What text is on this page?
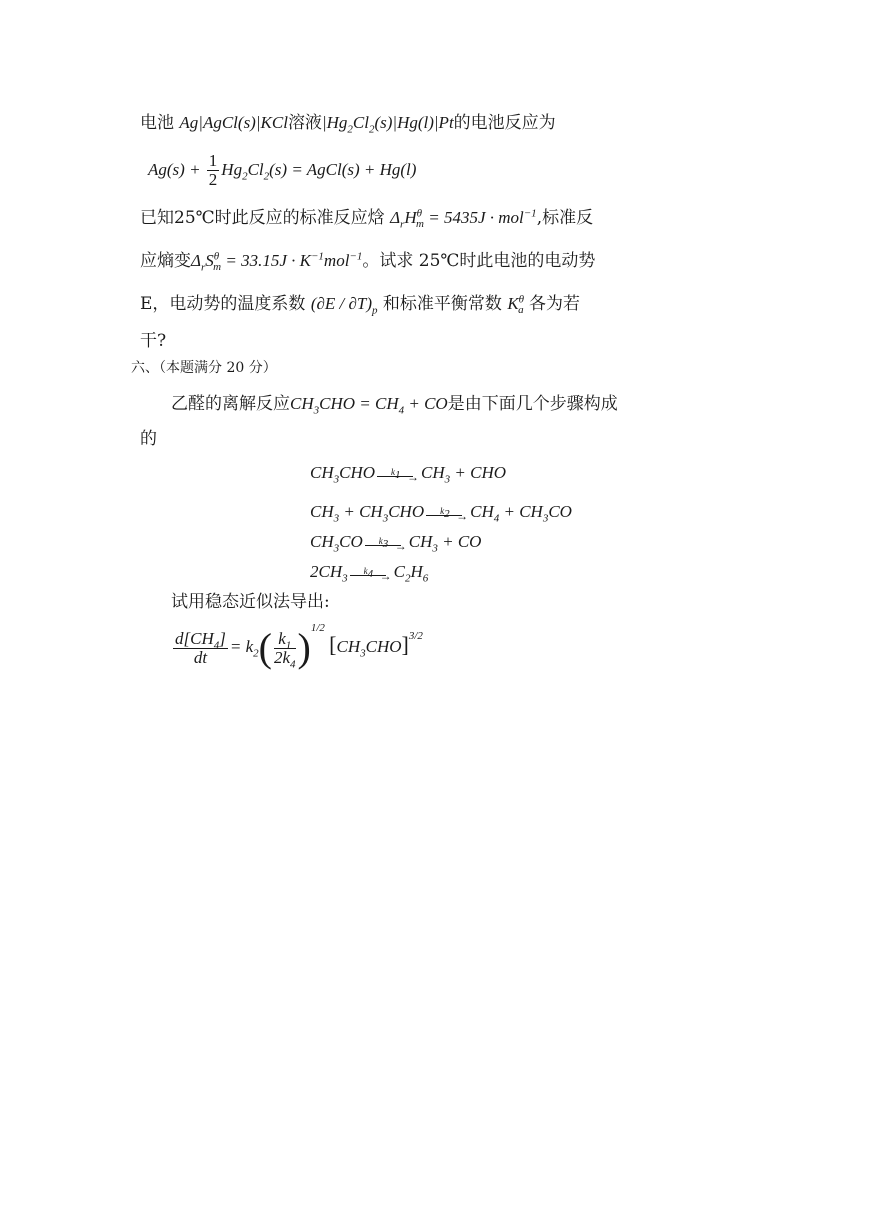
电池 Ag|AgCl(s)|KCl溶液$|Hg_2Cl_2(s)|Hg(l)|Pt$的电池反应为
$Ag(s) + \frac{1}{2} Hg_2Cl_2(s)$ = AgCl(s) + Hg(l)
已知25℃时此反应的标准反应焓 $\Delta_rH^\theta_m = 5435J \cdot mol^{-1}$,标准反
应熵变$\Delta_rS^\theta_m = 33.15J \cdot K^{-1}mol^{-1}$。试求 25℃时此电池的电动势
E，电动势的温度系数 $(\partial E / \partial T)_p$ 和标准平衡常数 $K^\theta_a$ 各为若
干?
六、（本题满分 20 分）
乙醛的离解反应$CH_3CHO = CH_4$ + CO是由下面几个步骤构成
的
$CH_3CHO$ $k_1 \to CH_3$ + CHO
$CH_3 + CH_3CHO$ $k_2 \to CH_4 + CH_3CO$
$CH_3CO$ $k_3 \to CH_3$ + CO
$2CH_3$
$k_4 \to C_2H_6$
试用稳态近似法导出:
$\frac{d[CH_4]}{dt} = k_2( \frac{k_1}{2k_4} )^{1/2}$ $[CH_3CHO]^{3/2}$
